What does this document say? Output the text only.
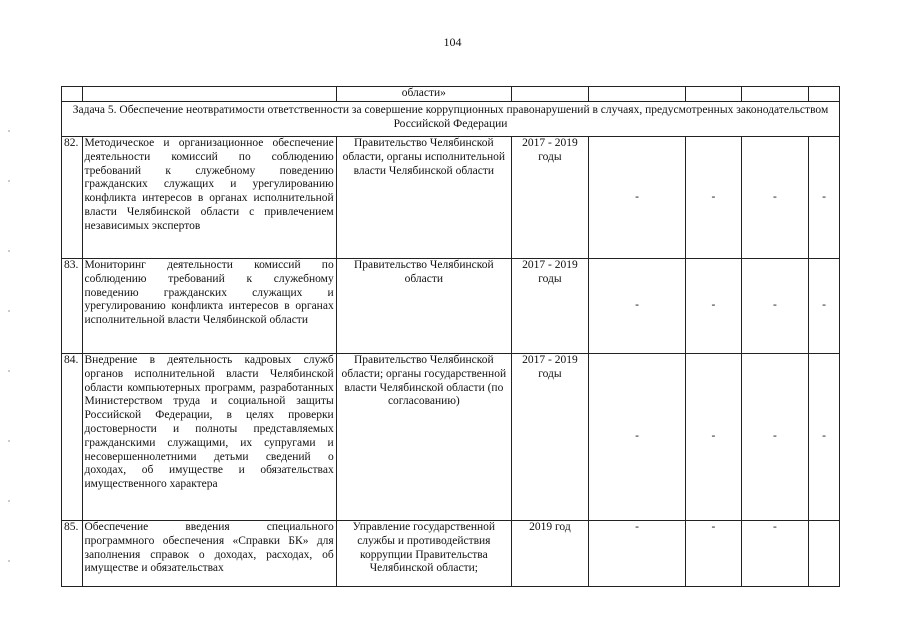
104
		области»					
Задача 5. Обеспечение неотвратимости ответственности за совершение коррупционных правонарушений в случаях, предусмотренных законодательством Российской Федерации							
82.	Методическое и организационное обеспечение деятельности комиссий по соблюдению требований к служебному поведению гражданских служащих и урегулированию конфликта интересов в органах исполнительной власти Челябинской области с привлечением независимых экспертов	Правительство Челябинской области, органы исполнительной власти Челябинской области	2017 - 2019 годы	-	-	-	-
83.	Мониторинг деятельности комиссий по соблюдению требований к служебному поведению гражданских служащих и урегулированию конфликта интересов в органах исполнительной власти Челябинской области	Правительство Челябинской области	2017 - 2019 годы	-	-	-	-
84.	Внедрение в деятельность кадровых служб органов исполнительной власти Челябинской области компьютерных программ, разработанных Министерством труда и социальной защиты Российской Федерации, в целях проверки достоверности и полноты представляемых гражданскими служащими, их супругами и несовершеннолетними детьми сведений о доходах, об имуществе и обязательствах имущественного характера	Правительство Челябинской области; органы государственной власти Челябинской области (по согласованию)	2017 - 2019 годы	-	-	-	-
85.	Обеспечение введения специального программного обеспечения «Справки БК» для заполнения справок о доходах, расходах, об имуществе и обязательствах	Управление государственной службы и противодействия коррупции Правительства Челябинской области;	2019 год	-	-	-	
